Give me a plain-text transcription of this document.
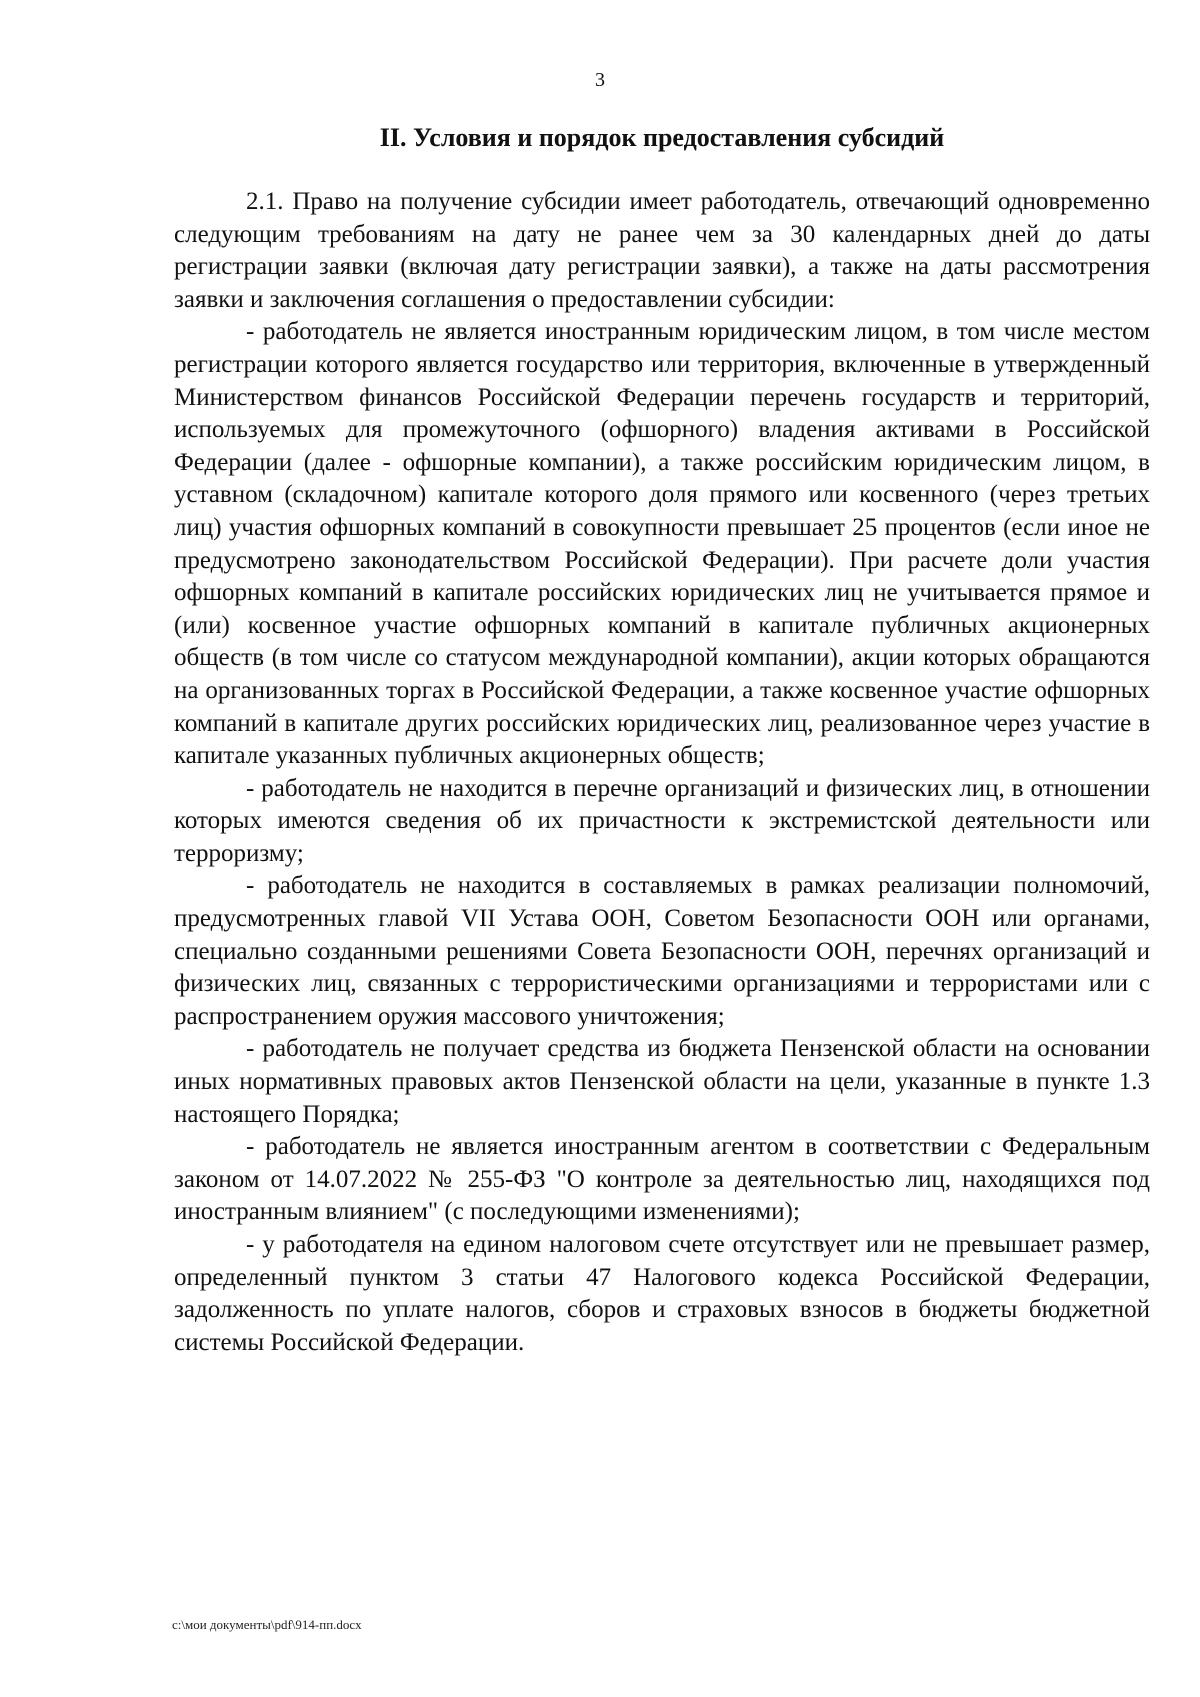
3
II. Условия и порядок предоставления субсидий

2.1. Право на получение субсидии имеет работодатель, отвечающий одновременно следующим требованиям на дату не ранее чем за 30 календарных дней до даты регистрации заявки (включая дату регистрации заявки), а также на даты рассмотрения заявки и заключения соглашения о предоставлении субсидии:

- работодатель не является иностранным юридическим лицом, в том числе местом регистрации которого является государство или территория, включенные в утвержденный Министерством финансов Российской Федерации перечень государств и территорий, используемых для промежуточного (офшорного) владения активами в Российской Федерации (далее - офшорные компании), а также российским юридическим лицом, в уставном (складочном) капитале которого доля прямого или косвенного (через третьих лиц) участия офшорных компаний в совокупности превышает 25 процентов (если иное не предусмотрено законодательством Российской Федерации). При расчете доли участия офшорных компаний в капитале российских юридических лиц не учитывается прямое и (или) косвенное участие офшорных компаний в капитале публичных акционерных обществ (в том числе со статусом международной компании), акции которых обращаются на организованных торгах в Российской Федерации, а также косвенное участие офшорных компаний в капитале других российских юридических лиц, реализованное через участие в капитале указанных публичных акционерных обществ;

- работодатель не находится в перечне организаций и физических лиц, в отношении которых имеются сведения об их причастности к экстремистской деятельности или терроризму;

- работодатель не находится в составляемых в рамках реализации полномочий, предусмотренных главой VII Устава ООН, Советом Безопасности ООН или органами, специально созданными решениями Совета Безопасности ООН, перечнях организаций и физических лиц, связанных с террористическими организациями и террористами или с распространением оружия массового уничтожения;

- работодатель не получает средства из бюджета Пензенской области на основании иных нормативных правовых актов Пензенской области на цели, указанные в пункте 1.3 настоящего Порядка;

- работодатель не является иностранным агентом в соответствии с Федеральным законом от 14.07.2022 № 255-ФЗ "О контроле за деятельностью лиц, находящихся под иностранным влиянием" (с последующими изменениями);

- у работодателя на едином налоговом счете отсутствует или не превышает размер, определенный пунктом 3 статьи 47 Налогового кодекса Российской Федерации, задолженность по уплате налогов, сборов и страховых взносов в бюджеты бюджетной системы Российской Федерации.

c:\мои документы\pdf\914-пп.docx
